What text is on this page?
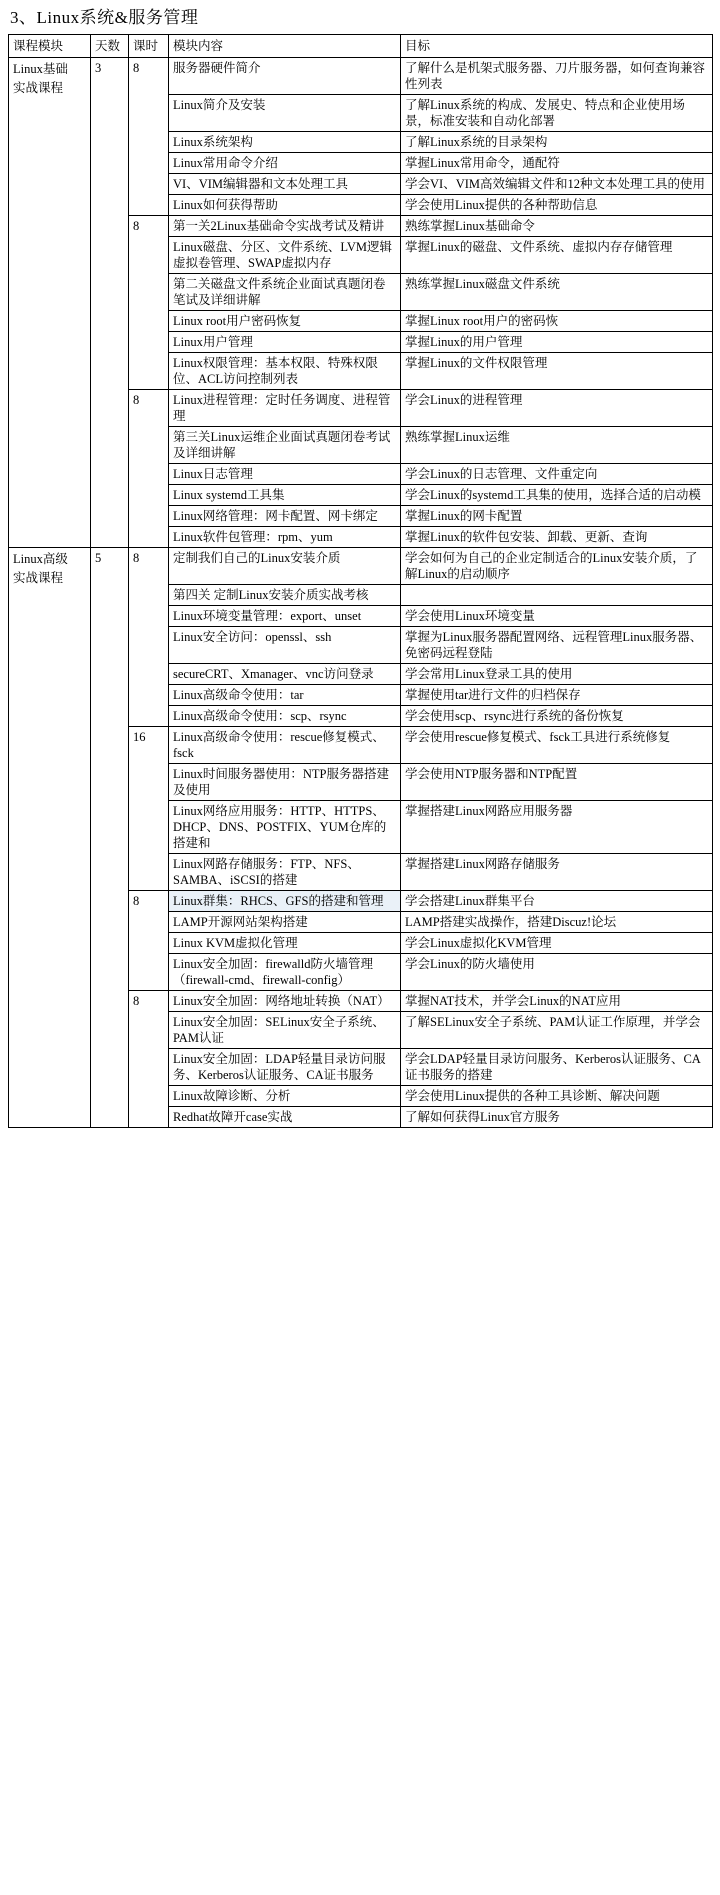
3、Linux系统&服务管理
课程模块	天数	课时	模块内容	目标
Linux基础
实战课程	3	8	服务器硬件简介	了解什么是机架式服务器、刀片服务器，如何查询兼容性列表
			Linux简介及安装	了解Linux系统的构成、发展史、特点和企业使用场景，标准安装和自动化部署
			Linux系统架构	了解Linux系统的目录架构
			Linux常用命令介绍	掌握Linux常用命令，通配符
			VI、VIM编辑器和文本处理工具	学会VI、VIM高效编辑文件和12种文本处理工具的使用
			Linux如何获得帮助	学会使用Linux提供的各种帮助信息
		8	第一关2Linux基础命令实战考试及精讲	熟练掌握Linux基础命令
			Linux磁盘、分区、文件系统、LVM逻辑虚拟卷管理、SWAP虚拟内存	掌握Linux的磁盘、文件系统、虚拟内存存储管理
			第二关磁盘文件系统企业面试真题闭卷笔试及详细讲解	熟练掌握Linux磁盘文件系统
			Linux root用户密码恢复	掌握Linux root用户的密码恢
			Linux用户管理	掌握Linux的用户管理
			Linux权限管理：基本权限、特殊权限位、ACL访问控制列表	掌握Linux的文件权限管理
		8	Linux进程管理：定时任务调度、进程管理	学会Linux的进程管理
			第三关Linux运维企业面试真题闭卷考试及详细讲解	熟练掌握Linux运维
			Linux日志管理	学会Linux的日志管理、文件重定向
			Linux systemd工具集	学会Linux的systemd工具集的使用，选择合适的启动模
			Linux网络管理：网卡配置、网卡绑定	掌握Linux的网卡配置
			Linux软件包管理：rpm、yum	掌握Linux的软件包安装、卸载、更新、查询
Linux高级
实战课程	5	8	定制我们自己的Linux安装介质	学会如何为自己的企业定制适合的Linux安装介质，了解Linux的启动顺序
			第四关 定制Linux安装介质实战考核	
			Linux环境变量管理：export、unset	学会使用Linux环境变量
			Linux安全访问：openssl、ssh	掌握为Linux服务器配置网络、远程管理Linux服务器、免密码远程登陆
			secureCRT、Xmanager、vnc访问登录	学会常用Linux登录工具的使用
			Linux高级命令使用：tar	掌握使用tar进行文件的归档保存
			Linux高级命令使用：scp、rsync	学会使用scp、rsync进行系统的备份恢复
		16	Linux高级命令使用：rescue修复模式、fsck	学会使用rescue修复模式、fsck工具进行系统修复
			Linux时间服务器使用：NTP服务器搭建及使用	学会使用NTP服务器和NTP配置
			Linux网络应用服务：HTTP、HTTPS、DHCP、DNS、POSTFIX、YUM仓库的搭建和	掌握搭建Linux网路应用服务器
			Linux网路存储服务：FTP、NFS、SAMBA、iSCSI的搭建	掌握搭建Linux网路存储服务
		8	Linux群集：RHCS、GFS的搭建和管理	学会搭建Linux群集平台
			LAMP开源网站架构搭建	LAMP搭建实战操作，搭建Discuz!论坛
			Linux KVM虚拟化管理	学会Linux虚拟化KVM管理
			Linux安全加固：firewalld防火墙管理（firewall-cmd、firewall-config）	学会Linux的防火墙使用
		8	Linux安全加固：网络地址转换（NAT）	掌握NAT技术，并学会Linux的NAT应用
			Linux安全加固：SELinux安全子系统、PAM认证	了解SELinux安全子系统、PAM认证工作原理，并学会
			Linux安全加固：LDAP轻量目录访问服务、Kerberos认证服务、CA证书服务	学会LDAP轻量目录访问服务、Kerberos认证服务、CA证书服务的搭建
			Linux故障诊断、分析	学会使用Linux提供的各种工具诊断、解决问题
			Redhat故障开case实战	了解如何获得Linux官方服务
